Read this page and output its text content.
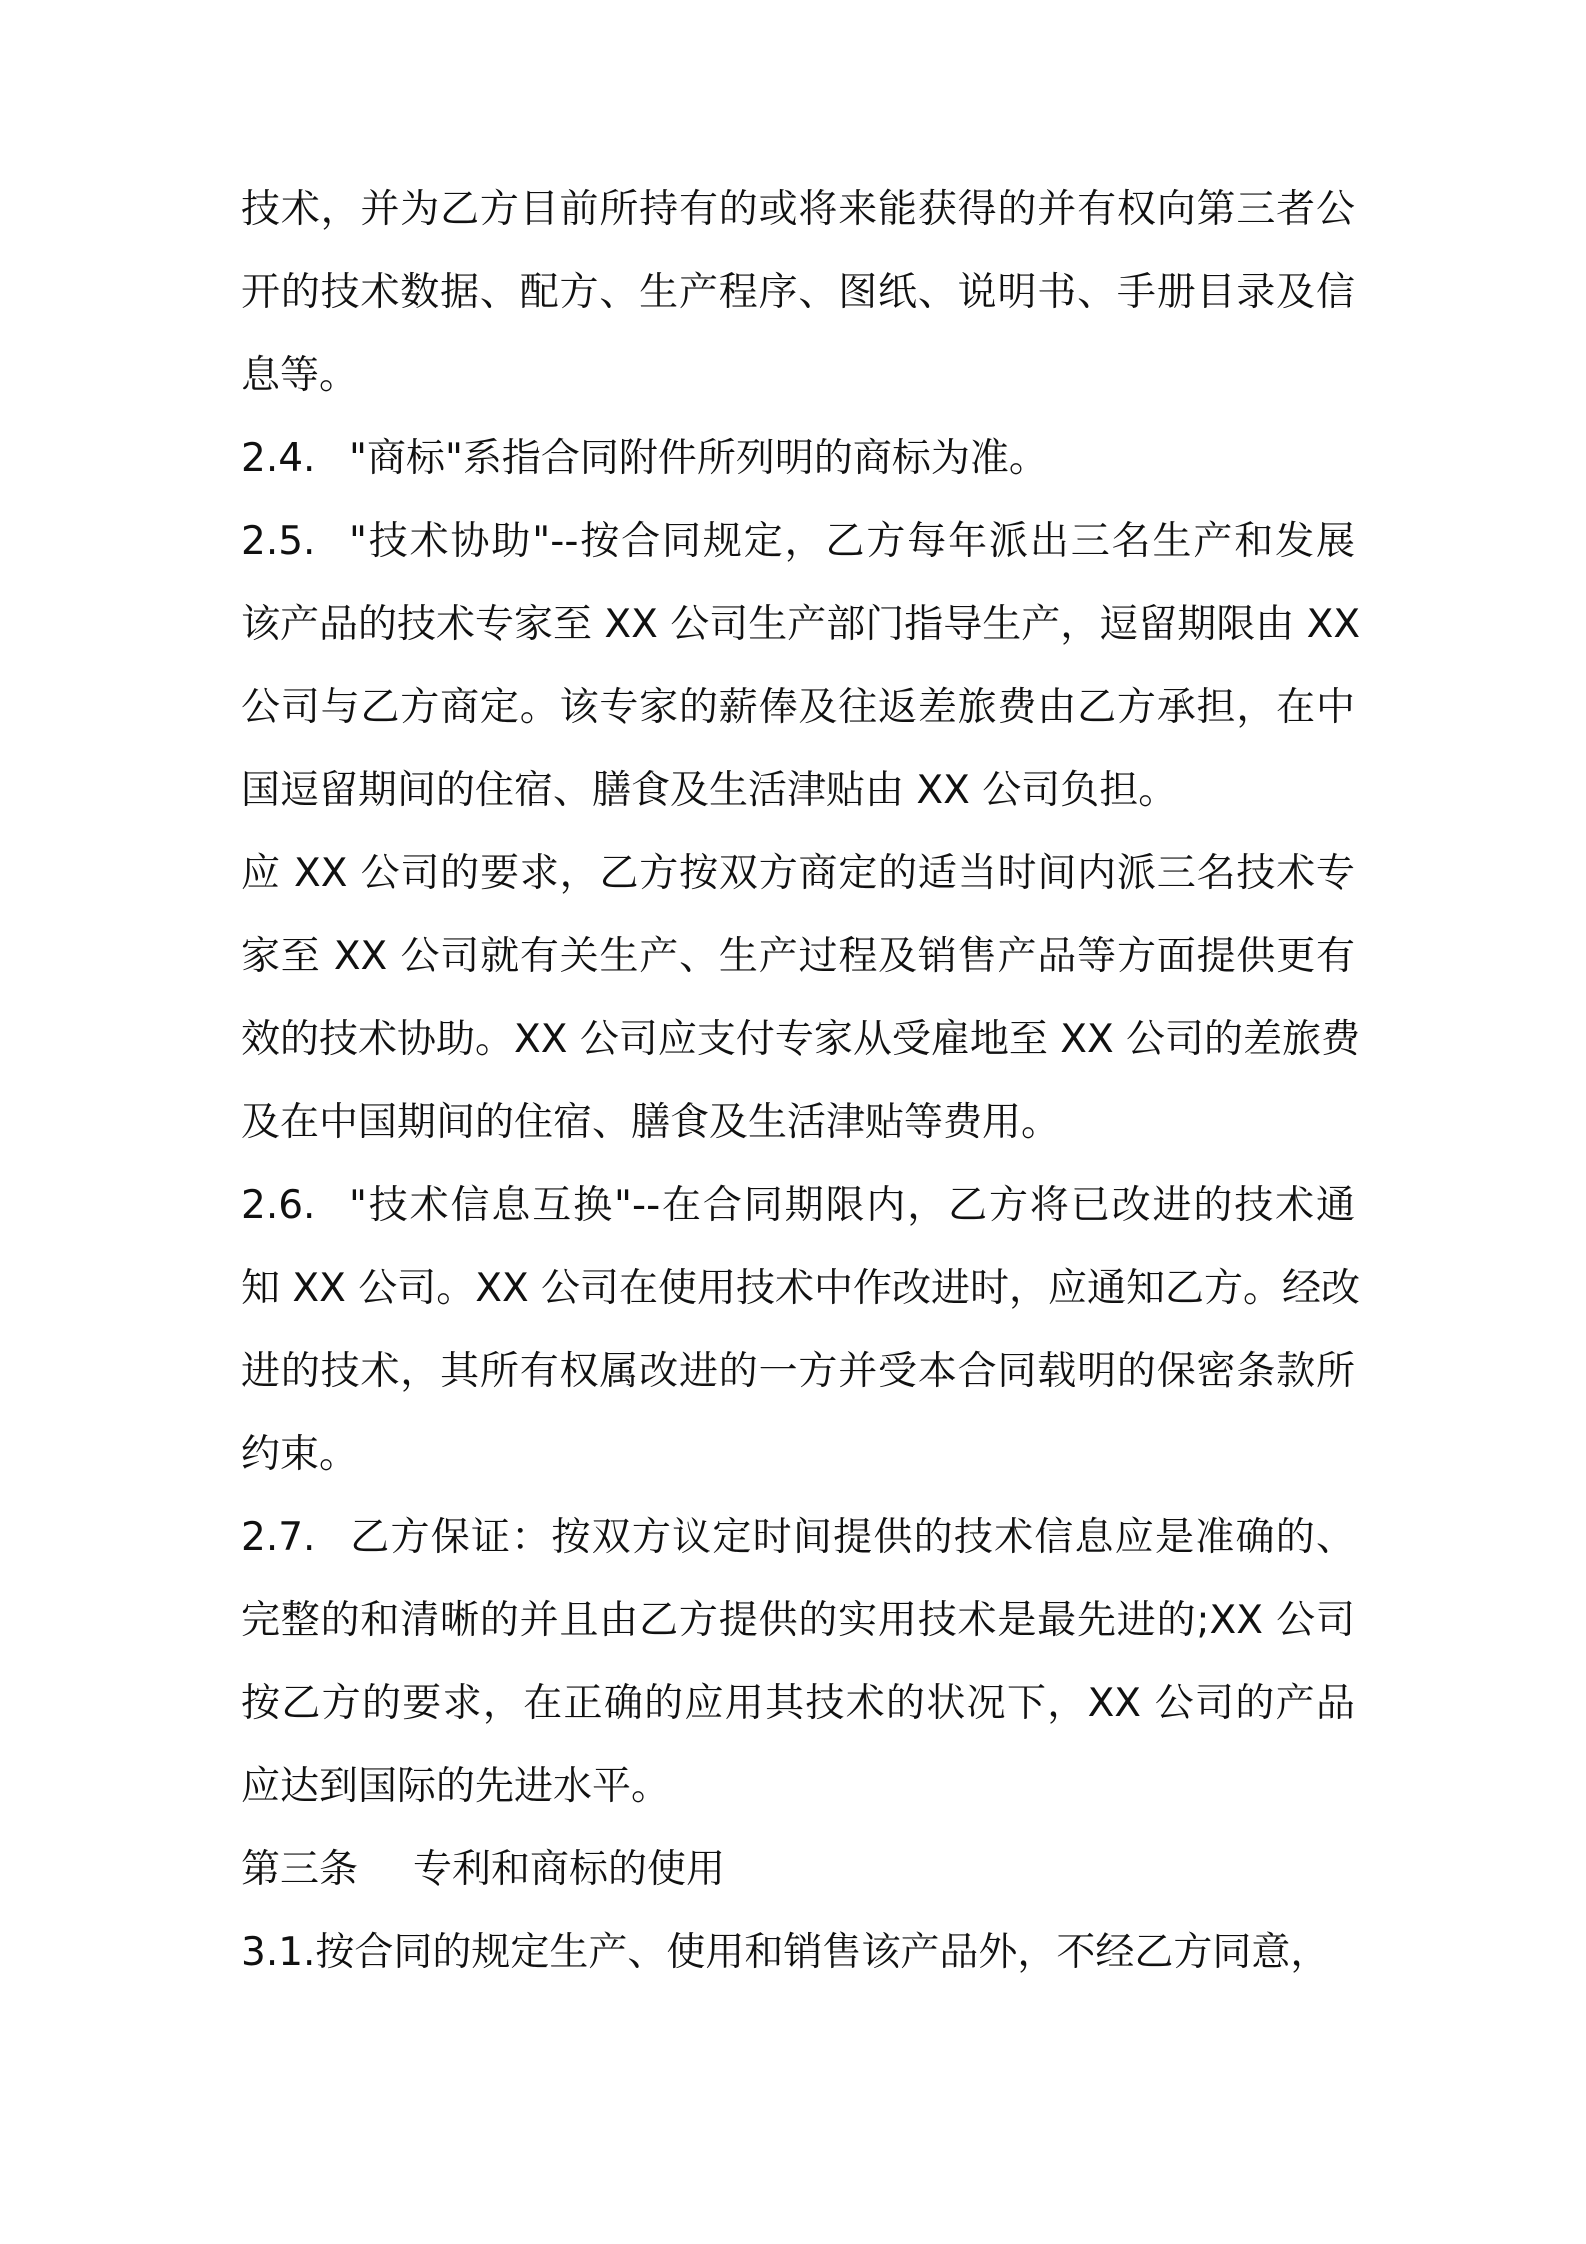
技术，并为乙方目前所持有的或将来能获得的并有权向第三者公
开的技术数据、配方、生产程序、图纸、说明书、手册目录及信
息等。
2.4. "商标"系指合同附件所列明的商标为准。
2.5. "技术协助"--按合同规定，乙方每年派出三名生产和发展
该产品的技术专家至 XX 公司生产部门指导生产，逗留期限由 XX
公司与乙方商定。该专家的薪俸及往返差旅费由乙方承担，在中
国逗留期间的住宿、膳食及生活津贴由 XX 公司负担。
应 XX 公司的要求，乙方按双方商定的适当时间内派三名技术专
家至 XX 公司就有关生产、生产过程及销售产品等方面提供更有
效的技术协助。XX 公司应支付专家从受雇地至 XX 公司的差旅费
及在中国期间的住宿、膳食及生活津贴等费用。
2.6. "技术信息互换"--在合同期限内，乙方将已改进的技术通
知 XX 公司。XX 公司在使用技术中作改进时，应通知乙方。经改
进的技术，其所有权属改进的一方并受本合同载明的保密条款所
约束。
2.7. 乙方保证：按双方议定时间提供的技术信息应是准确的、
完整的和清晰的并且由乙方提供的实用技术是最先进的;XX 公司
按乙方的要求，在正确的应用其技术的状况下，XX 公司的产品
应达到国际的先进水平。
第三条 专利和商标的使用
3.1.按合同的规定生产、使用和销售该产品外，不经乙方同意，
